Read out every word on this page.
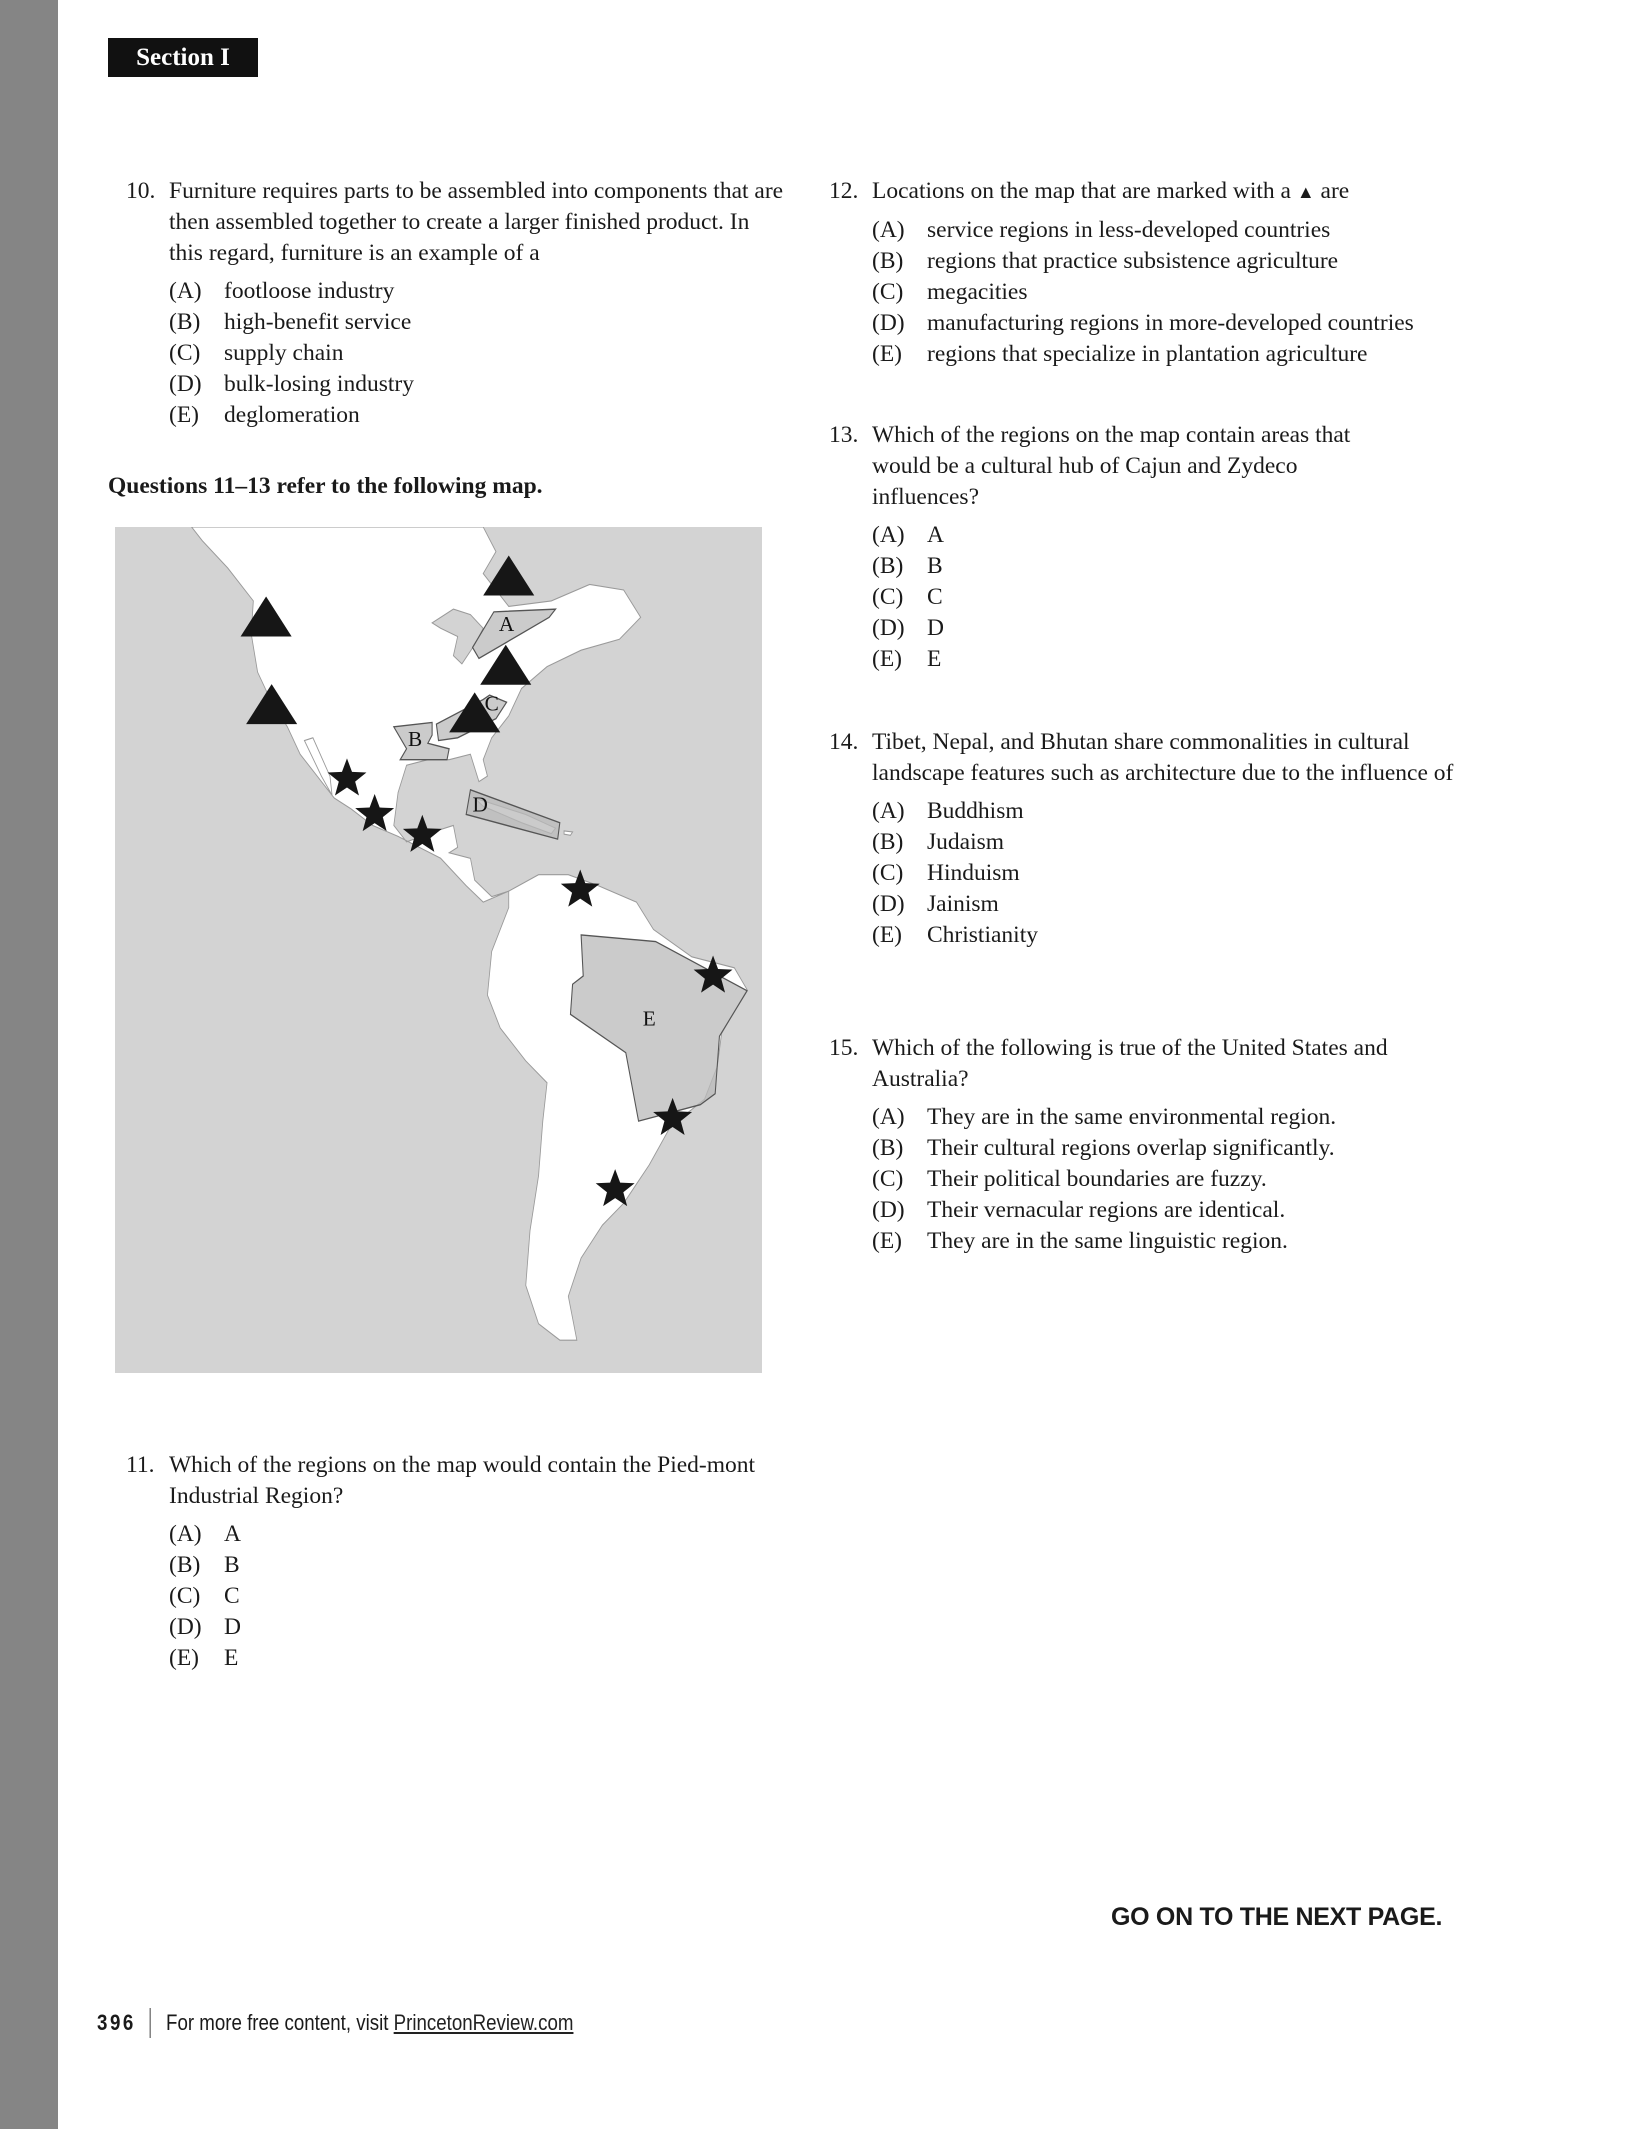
Section I
10. Furniture requires parts to be assembled into components that are then assembled together to create a larger finished product. In this regard, furniture is an example of a
(A) footloose industry
(B)	high-benefit service
(C)	supply chain
(D) bulk-losing industry
(E)	deglomeration
Questions 11–13 refer to the following map.
A
B
C
D
E
11. Which of the regions on the map would contain the Pied-mont Industrial Region?
(A) A
(B)	B
(C)	C
(D) D
(E)	E
12. Locations on the map that are marked with a ▲ are
(A) service regions in less-developed countries
(B)	regions that practice subsistence agriculture
(C)	megacities
(D) manufacturing regions in more-developed countries
(E)	regions that specialize in plantation agriculture
13. Which of the regions on the map contain areas that would be a cultural hub of Cajun and Zydeco influences?
(A) A
(B)	B
(C)	C
(D) D
(E)	E
14. Tibet, Nepal, and Bhutan share commonalities in cultural landscape features such as architecture due to the influence of
(A) Buddhism
(B)	Judaism
(C)	Hinduism
(D) Jainism
(E)	Christianity
15. Which of the following is true of the United States and Australia?
(A) They are in the same environmental region.
(B)	Their cultural regions overlap significantly.
(C)	Their political boundaries are fuzzy.
(D) Their vernacular regions are identical.
(E)	They are in the same linguistic region.
GO ON TO THE NEXT PAGE.
396 For more free content, visit
PrincetonReview.com
